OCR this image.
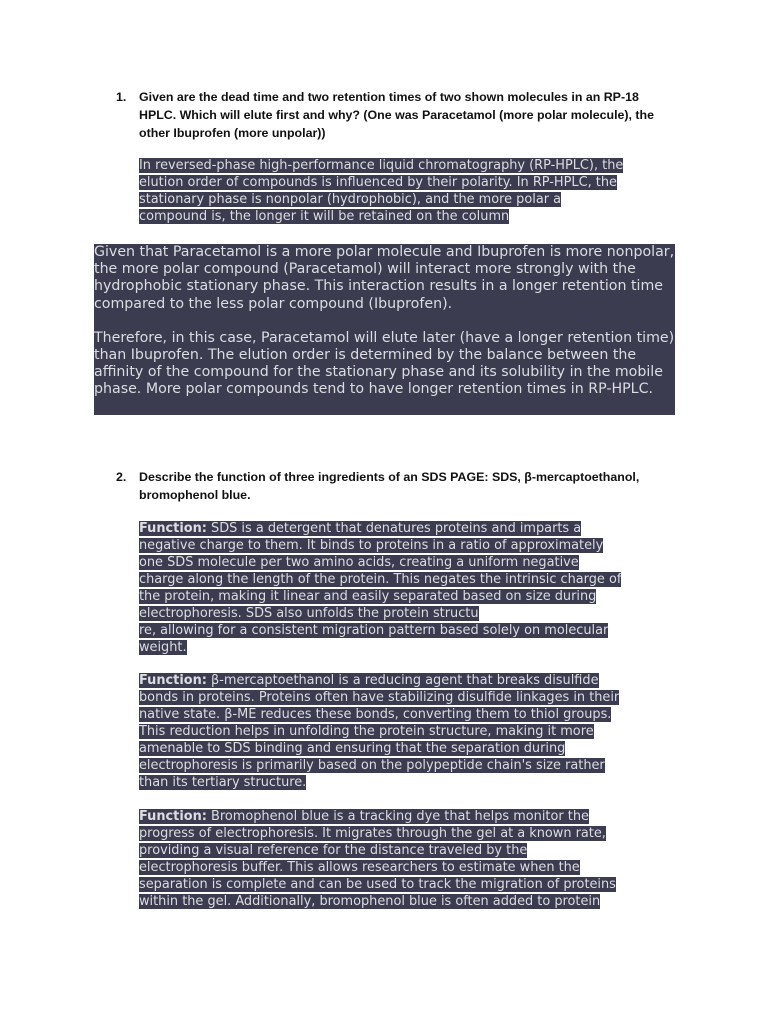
1. Given are the dead time and two retention times of two shown molecules in an RP-18 HPLC. Which will elute first and why? (One was Paracetamol (more polar molecule), the other Ibuprofen (more unpolar))
In reversed-phase high-performance liquid chromatography (RP-HPLC), the
elution order of compounds is influenced by their polarity. In RP-HPLC, the
stationary phase is nonpolar (hydrophobic), and the more polar a
compound is, the longer it will be retained on the column

Given that Paracetamol is a more polar molecule and Ibuprofen is more nonpolar, the more polar compound (Paracetamol) will interact more strongly with the hydrophobic stationary phase. This interaction results in a longer retention time compared to the less polar compound (Ibuprofen).

Therefore, in this case, Paracetamol will elute later (have a longer retention time) than Ibuprofen. The elution order is determined by the balance between the affinity of the compound for the stationary phase and its solubility in the mobile phase. More polar compounds tend to have longer retention times in RP-HPLC.

2. Describe the function of three ingredients of an SDS PAGE: SDS, β-mercaptoethanol, bromophenol blue.
Function: SDS is a detergent that denatures proteins and imparts a
negative charge to them. It binds to proteins in a ratio of approximately
one SDS molecule per two amino acids, creating a uniform negative
charge along the length of the protein. This negates the intrinsic charge of
the protein, making it linear and easily separated based on size during
electrophoresis. SDS also unfolds the protein structu
re, allowing for a consistent migration pattern based solely on molecular
weight.
Function: β-mercaptoethanol is a reducing agent that breaks disulfide
bonds in proteins. Proteins often have stabilizing disulfide linkages in their
native state. β-ME reduces these bonds, converting them to thiol groups.
This reduction helps in unfolding the protein structure, making it more
amenable to SDS binding and ensuring that the separation during
electrophoresis is primarily based on the polypeptide chain's size rather
than its tertiary structure.
Function: Bromophenol blue is a tracking dye that helps monitor the
progress of electrophoresis. It migrates through the gel at a known rate,
providing a visual reference for the distance traveled by the
electrophoresis buffer. This allows researchers to estimate when the
separation is complete and can be used to track the migration of proteins
within the gel. Additionally, bromophenol blue is often added to protein
